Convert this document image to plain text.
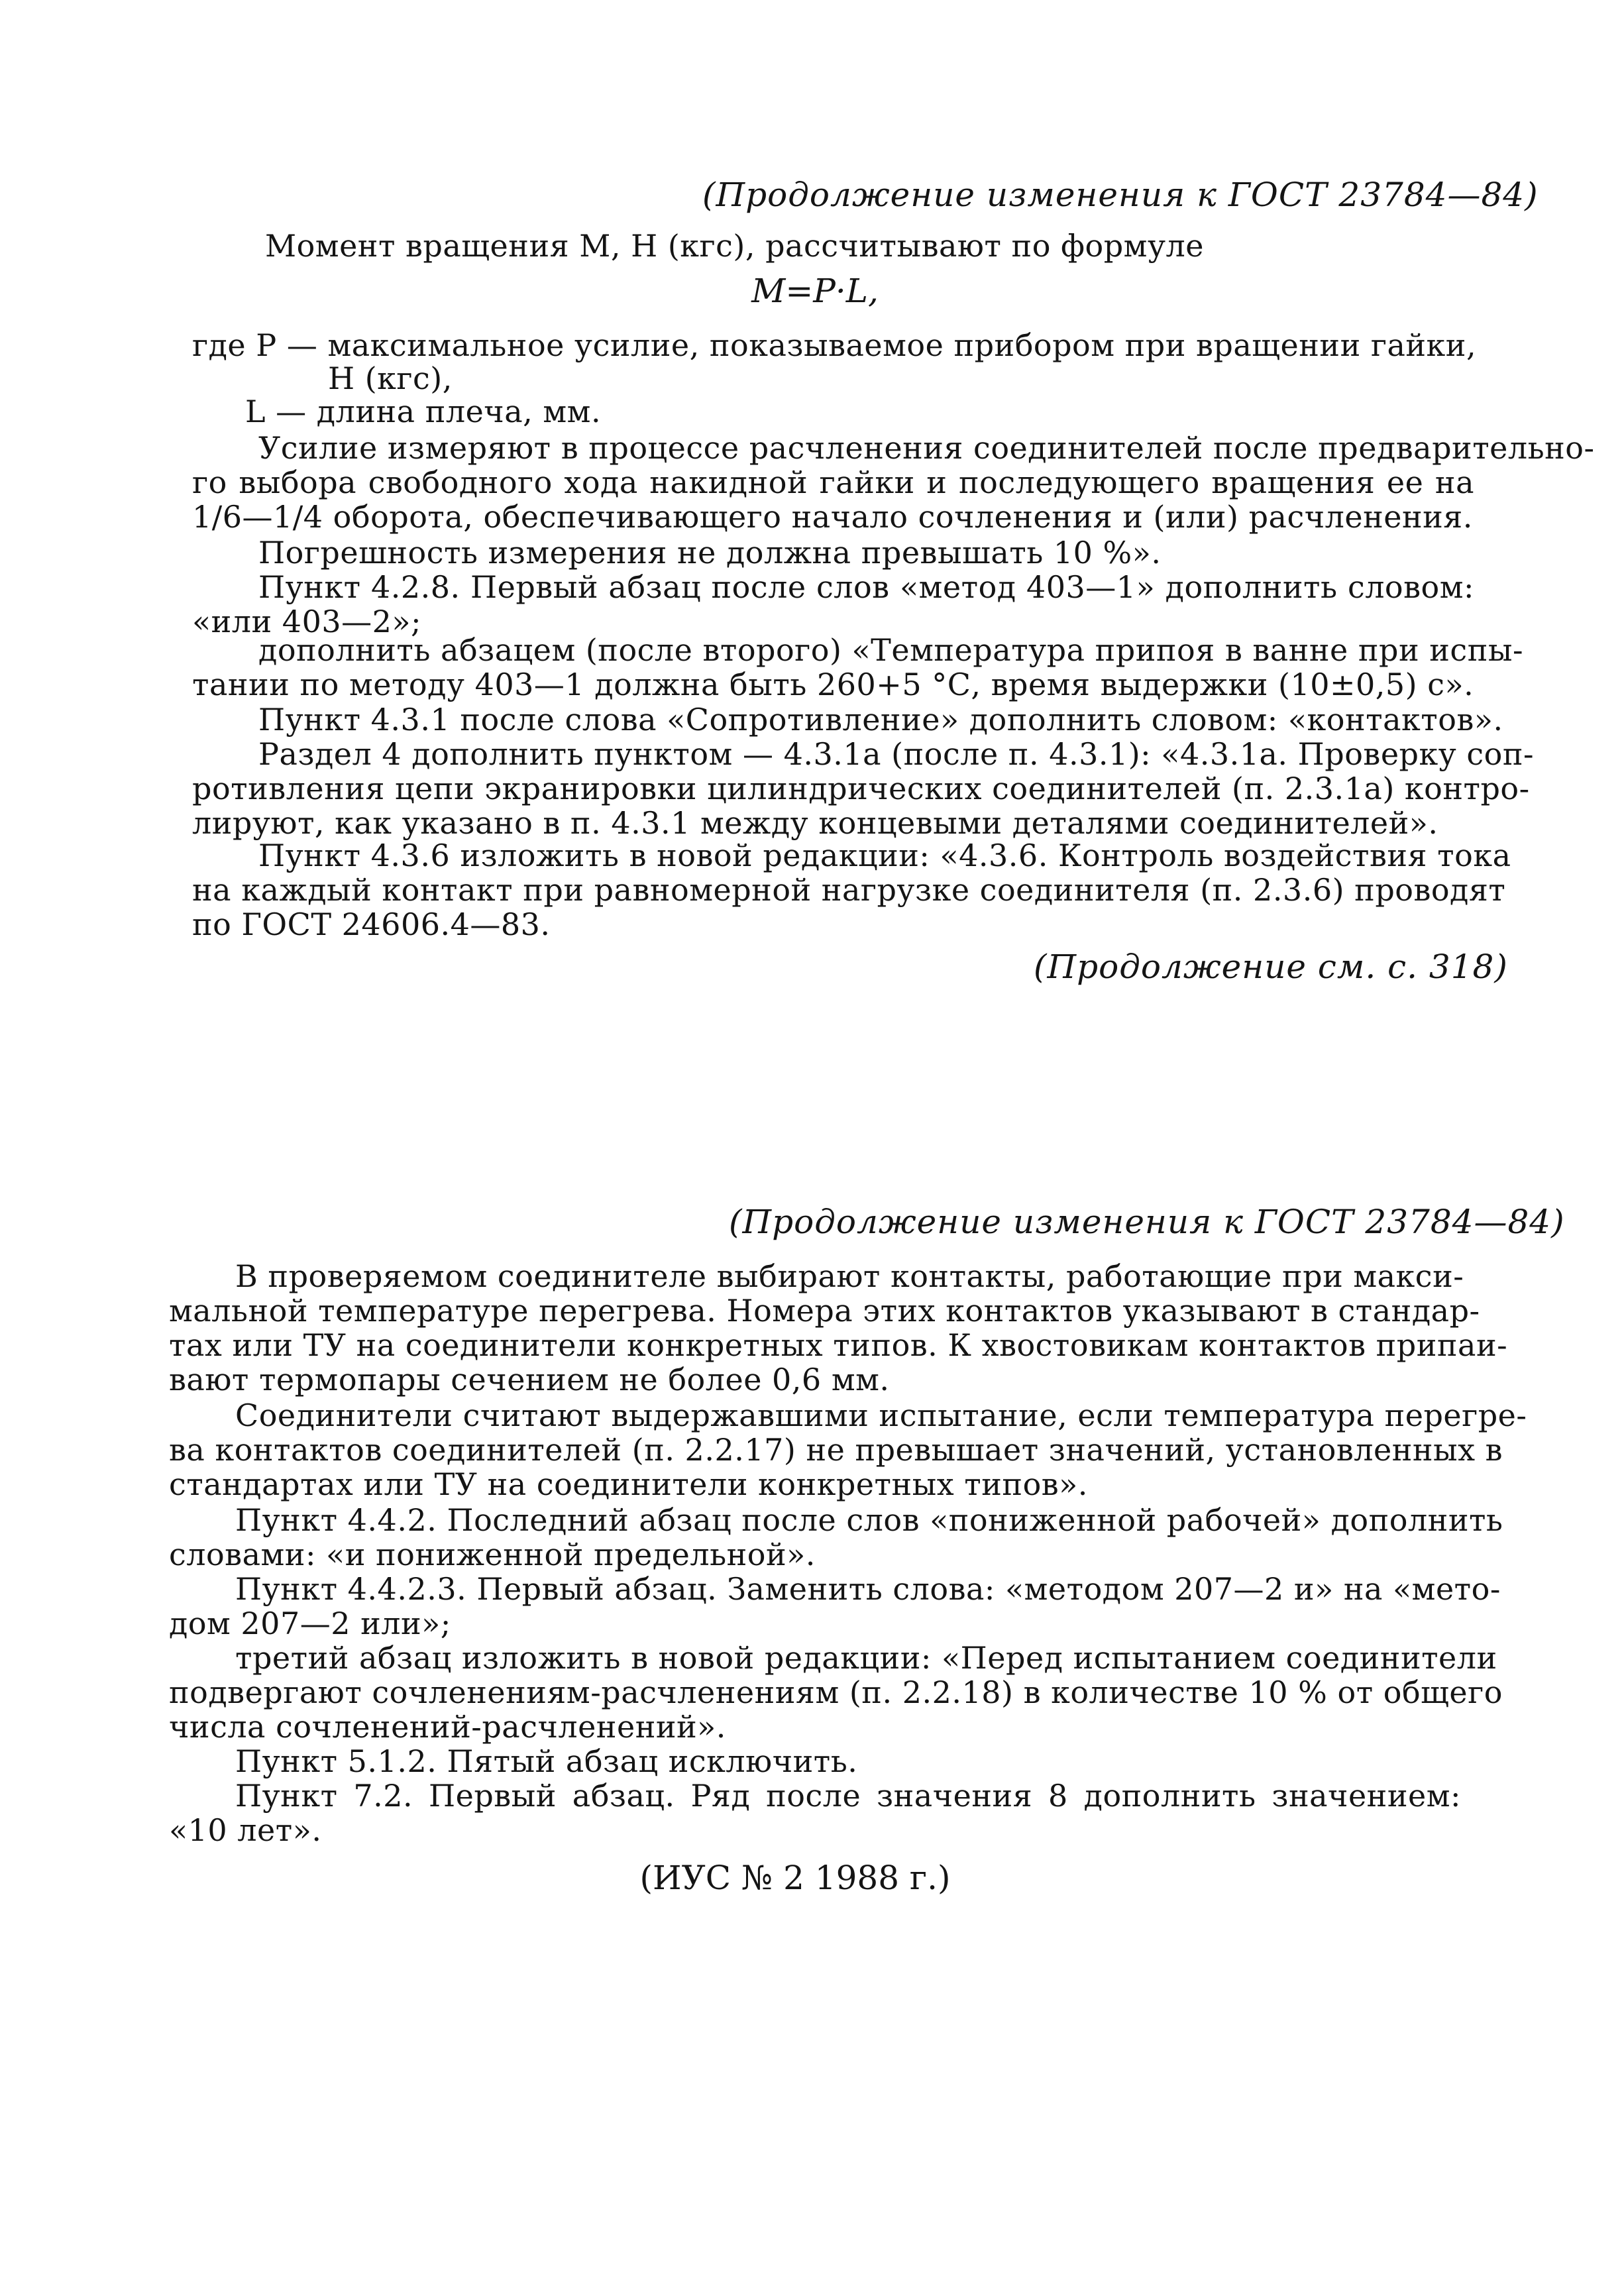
(Продолжение изменения к ГОСТ 23784—84)
Момент вращения М, Н (кгс), рассчитывают по формуле
M=P·L,
где P — максимальное усилие, показываемое прибором при вращении гайки,
Н (кгс),
L — длина плеча, мм.
Усилие измеряют в процессе расчленения соединителей после предварительно-
го выбора свободного хода накидной гайки и последующего вращения ее на
1/6—1/4 оборота, обеспечивающего начало сочленения и (или) расчленения.
Погрешность измерения не должна превышать 10 %».
Пункт 4.2.8. Первый абзац после слов «метод 403—1» дополнить словом:
«или 403—2»;
дополнить абзацем (после второго) «Температура припоя в ванне при испы-
тании по методу 403—1 должна быть 260+5 °С, время выдержки (10±0,5) с».
Пункт 4.3.1 после слова «Сопротивление» дополнить словом: «контактов».
Раздел 4 дополнить пунктом — 4.3.1а (после п. 4.3.1): «4.3.1а. Проверку соп-
ротивления цепи экранировки цилиндрических соединителей (п. 2.3.1а) контро-
лируют, как указано в п. 4.3.1 между концевыми деталями соединителей».
Пункт 4.3.6 изложить в новой редакции: «4.3.6. Контроль воздействия тока
на каждый контакт при равномерной нагрузке соединителя (п. 2.3.6) проводят
по ГОСТ 24606.4—83.
(Продолжение см. с. 318)
(Продолжение изменения к ГОСТ 23784—84)
В проверяемом соединителе выбирают контакты, работающие при макси-
мальной температуре перегрева. Номера этих контактов указывают в стандар-
тах или ТУ на соединители конкретных типов. К хвостовикам контактов припаи-
вают термопары сечением не более 0,6 мм.
Соединители считают выдержавшими испытание, если температура перегре-
ва контактов соединителей (п. 2.2.17) не превышает значений, установленных в
стандартах или ТУ на соединители конкретных типов».
Пункт 4.4.2. Последний абзац после слов «пониженной рабочей» дополнить
словами: «и пониженной предельной».
Пункт 4.4.2.3. Первый абзац. Заменить слова: «методом 207—2 и» на «мето-
дом 207—2 или»;
третий абзац изложить в новой редакции: «Перед испытанием соединители
подвергают сочленениям-расчленениям (п. 2.2.18) в количестве 10 % от общего
числа сочленений-расчленений».
Пункт 5.1.2. Пятый абзац исключить.
Пункт 7.2. Первый абзац. Ряд после значения 8 дополнить значением:
«10 лет».
(ИУС № 2 1988 г.)
